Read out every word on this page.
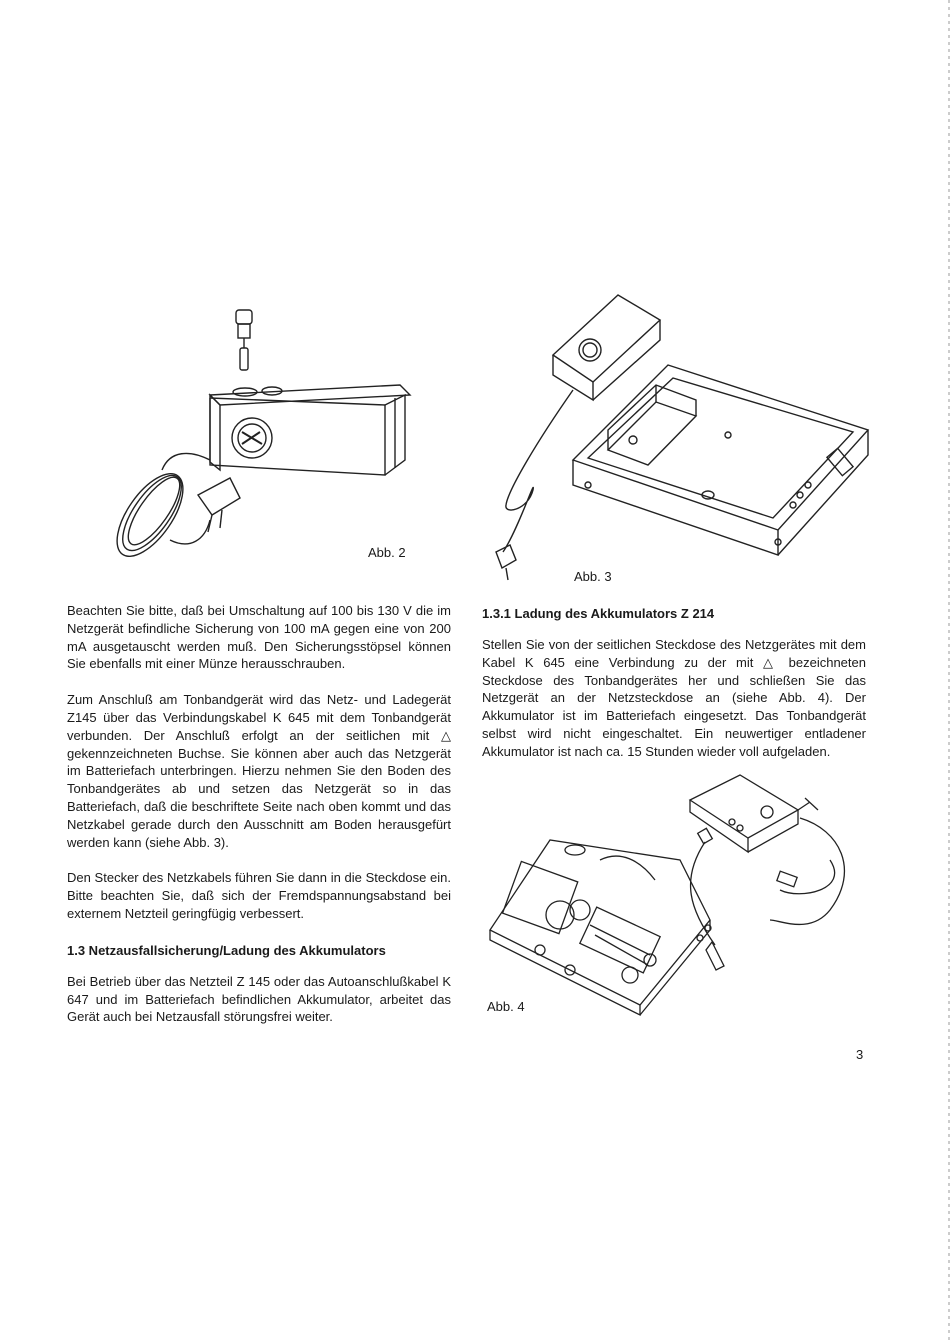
Abb. 2
Abb. 3

Beachten Sie bitte, daß bei Umschaltung auf 100 bis 130 V die im Netzgerät befindliche Sicherung von 100 mA gegen eine von 200 mA ausgetauscht werden muß. Den Sicherungsstöpsel können Sie ebenfalls mit einer Münze herausschrauben.

Zum Anschluß am Tonbandgerät wird das Netz- und Ladegerät Z145 über das Verbindungskabel K 645 mit dem Tonbandgerät verbunden. Der Anschluß erfolgt an der seitlichen mit △ gekennzeichneten Buchse. Sie können aber auch das Netzgerät im Batteriefach unterbringen. Hierzu nehmen Sie den Boden des Tonbandgerätes ab und setzen das Netzgerät so in das Batteriefach, daß die beschriftete Seite nach oben kommt und das Netzkabel gerade durch den Ausschnitt am Boden herausgefürt werden kann (siehe Abb. 3).

Den Stecker des Netzkabels führen Sie dann in die Steckdose ein. Bitte beachten Sie, daß sich der Fremdspannungsabstand bei externem Netzteil geringfügig verbessert.

1.3 Netzausfallsicherung/Ladung des Akkumulators

Bei Betrieb über das Netzteil Z 145 oder das Autoanschlußkabel K 647 und im Batteriefach befindlichen Akkumulator, arbeitet das Gerät auch bei Netzausfall störungsfrei weiter.

1.3.1 Ladung des Akkumulators Z 214

Stellen Sie von der seitlichen Steckdose des Netzgerätes mit dem Kabel K 645 eine Verbindung zu der mit △ bezeichneten Steckdose des Tonbandgerätes her und schließen Sie das Netzgerät an der Netzsteckdose an (siehe Abb. 4). Der Akkumulator ist im Batteriefach eingesetzt. Das Tonbandgerät selbst wird nicht eingeschaltet. Ein neuwertiger entladener Akkumulator ist nach ca. 15 Stunden wieder voll aufgeladen.

Abb. 4
3
